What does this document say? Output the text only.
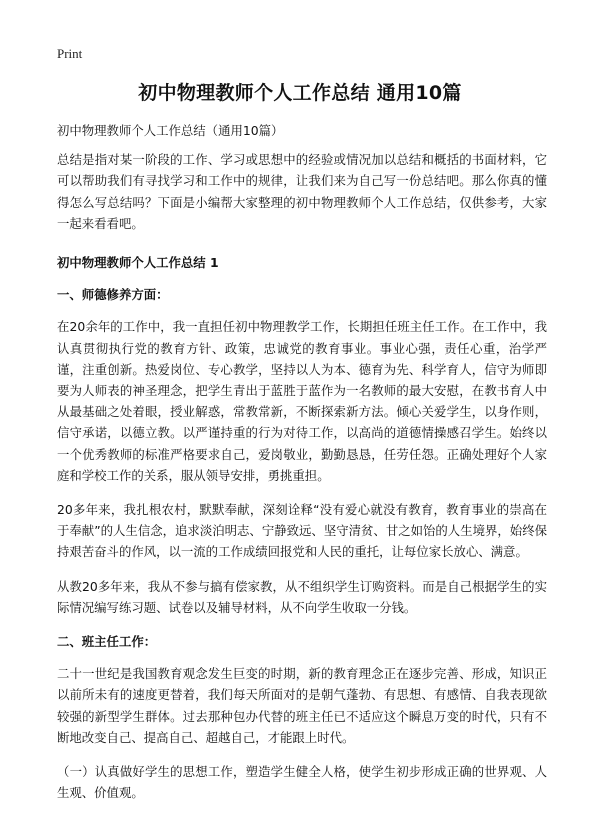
Print
初中物理教师个人工作总结 通用10篇

初中物理教师个人工作总结（通用10篇）

总结是指对某一阶段的工作、学习或思想中的经验或情况加以总结和概括的书面材料，它可以帮助我们有寻找学习和工作中的规律，让我们来为自己写一份总结吧。那么你真的懂得怎么写总结吗？下面是小编帮大家整理的初中物理教师个人工作总结，仅供参考，大家一起来看看吧。

初中物理教师个人工作总结 1

一、师德修养方面：

在20余年的工作中，我一直担任初中物理教学工作，长期担任班主任工作。在工作中，我认真贯彻执行党的教育方针、政策，忠诚党的教育事业。事业心强，责任心重，治学严谨，注重创新。热爱岗位、专心教学，坚持以人为本、德育为先、科学育人，信守为师即要为人师表的神圣理念，把学生青出于蓝胜于蓝作为一名教师的最大安慰，在教书育人中从最基础之处着眼，授业解惑，常教常新，不断探索新方法。倾心关爱学生，以身作则，信守承诺，以德立教。以严谨持重的行为对待工作，以高尚的道德情操感召学生。始终以一个优秀教师的标准严格要求自己，爱岗敬业，勤勤恳恳，任劳任怨。正确处理好个人家庭和学校工作的关系，服从领导安排，勇挑重担。

20多年来，我扎根农村，默默奉献，深刻诠释“没有爱心就没有教育，教育事业的崇高在于奉献”的人生信念，追求淡泊明志、宁静致远、坚守清贫、甘之如饴的人生境界，始终保持艰苦奋斗的作风，以一流的工作成绩回报党和人民的重托，让每位家长放心、满意。

从教20多年来，我从不参与搞有偿家教，从不组织学生订购资料。而是自己根据学生的实际情况编写练习题、试卷以及辅导材料，从不向学生收取一分钱。

二、班主任工作：

二十一世纪是我国教育观念发生巨变的时期，新的教育理念正在逐步完善、形成，知识正以前所未有的速度更替着，我们每天所面对的是朝气蓬勃、有思想、有感情、自我表现欲较强的新型学生群体。过去那种包办代替的班主任已不适应这个瞬息万变的时代，只有不断地改变自己、提高自己、超越自己，才能跟上时代。

（一）认真做好学生的思想工作，塑造学生健全人格，使学生初步形成正确的世界观、人生观、价值观。
